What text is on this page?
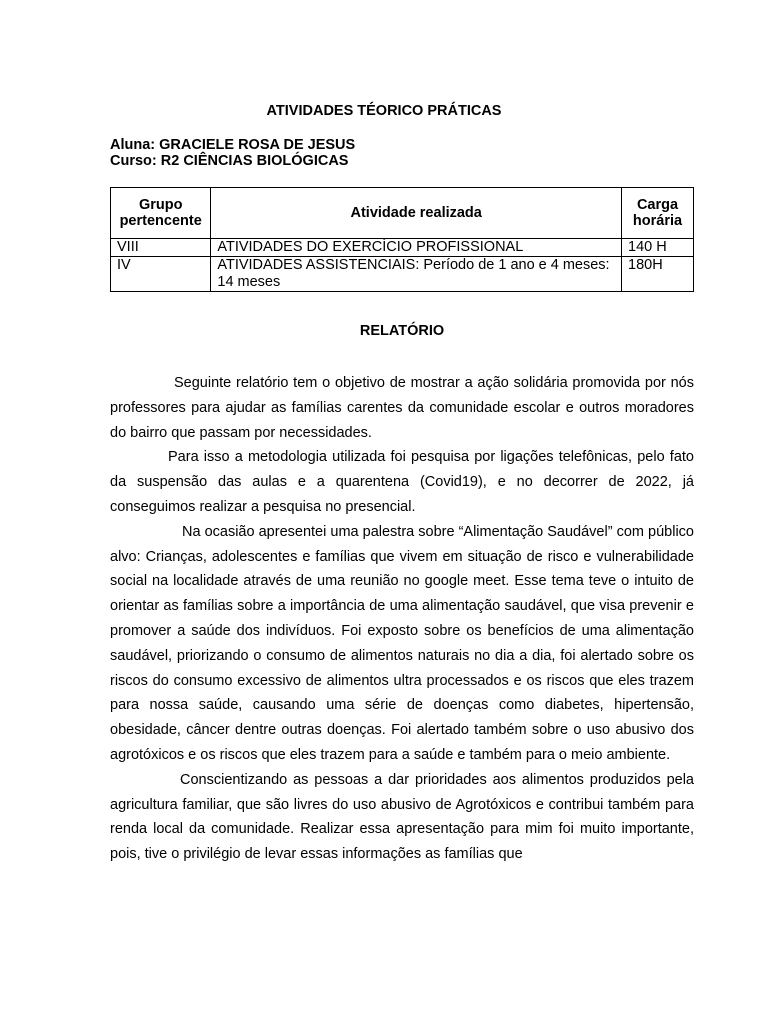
ATIVIDADES TÉORICO PRÁTICAS
Aluna: GRACIELE ROSA DE JESUS
Curso: R2 CIÊNCIAS BIOLÓGICAS
Grupo pertencente	Atividade realizada	Carga horária
VIII	ATIVIDADES DO EXERCÍCIO PROFISSIONAL	140 H
IV	ATIVIDADES ASSISTENCIAIS: Período de 1 ano e 4 meses: 14 meses	180H
RELATÓRIO

Seguinte relatório tem o objetivo de mostrar a ação solidária promovida por nós professores para ajudar as famílias carentes da comunidade escolar e outros moradores do bairro que passam por necessidades.

Para isso a metodologia utilizada foi pesquisa por ligações telefônicas, pelo fato da suspensão das aulas e a quarentena (Covid19), e no decorrer de 2022, já conseguimos realizar a pesquisa no presencial.

Na ocasião apresentei uma palestra sobre “Alimentação Saudável” com público alvo: Crianças, adolescentes e famílias que vivem em situação de risco e vulnerabilidade social na localidade através de uma reunião no google meet. Esse tema teve o intuito de orientar as famílias sobre a importância de uma alimentação saudável, que visa prevenir e promover a saúde dos indivíduos. Foi exposto sobre os benefícios de uma alimentação saudável, priorizando o consumo de alimentos naturais no dia a dia, foi alertado sobre os riscos do consumo excessivo de alimentos ultra processados e os riscos que eles trazem para nossa saúde, causando uma série de doenças como diabetes, hipertensão, obesidade, câncer dentre outras doenças. Foi alertado também sobre o uso abusivo dos agrotóxicos e os riscos que eles trazem para a saúde e também para o meio ambiente.

Conscientizando as pessoas a dar prioridades aos alimentos produzidos pela agricultura familiar, que são livres do uso abusivo de Agrotóxicos e contribui também para renda local da comunidade. Realizar essa apresentação para mim foi muito importante, pois, tive o privilégio de levar essas informações as famílias que
